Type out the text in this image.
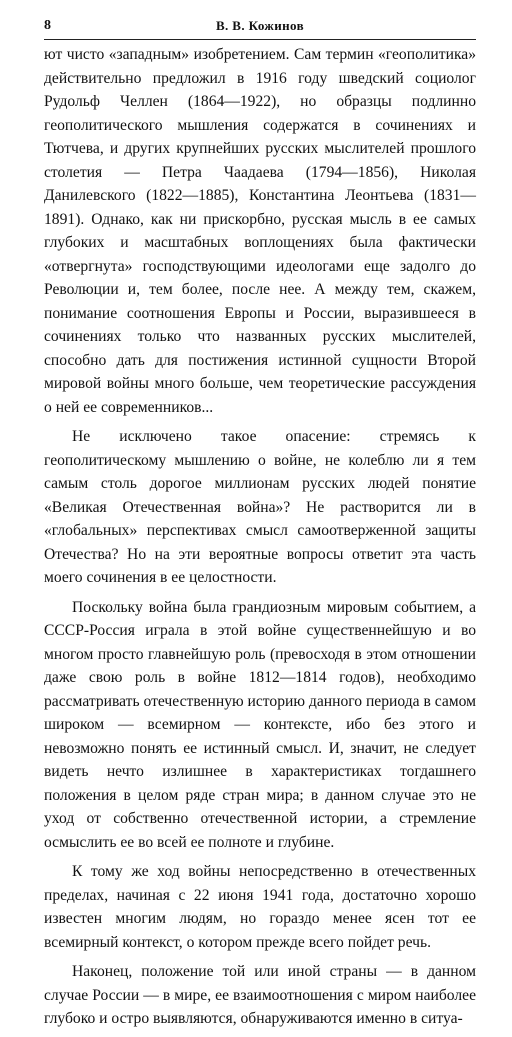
8	В. В. Кожинов

ют чисто «западным» изобретением. Сам термин «геополитика» действительно предложил в 1916 году шведский социолог Рудольф Челлен (1864—1922), но образцы подлинно геополитического мышления содержатся в сочинениях и Тютчева, и других крупнейших русских мыслителей прошлого столетия — Петра Чаадаева (1794—1856), Николая Данилевского (1822—1885), Константина Леонтьева (1831—1891). Однако, как ни прискорбно, русская мысль в ее самых глубоких и масштабных воплощениях была фактически «отвергнута» господствующими идеологами еще задолго до Революции и, тем более, после нее. А между тем, скажем, понимание соотношения Европы и России, выразившееся в сочинениях только что названных русских мыслителей, способно дать для постижения истинной сущности Второй мировой войны много больше, чем теоретические рассуждения о ней ее современников...

Не исключено такое опасение: стремясь к геополитическому мышлению о войне, не колеблю ли я тем самым столь дорогое миллионам русских людей понятие «Великая Отечественная война»? Не растворится ли в «глобальных» перспективах смысл самоотверженной защиты Отечества? Но на эти вероятные вопросы ответит эта часть моего сочинения в ее целостности.

Поскольку война была грандиозным мировым событием, а СССР-Россия играла в этой войне существеннейшую и во многом просто главнейшую роль (превосходя в этом отношении даже свою роль в войне 1812—1814 годов), необходимо рассматривать отечественную историю данного периода в самом широком — всемирном — контексте, ибо без этого и невозможно понять ее истинный смысл. И, значит, не следует видеть нечто излишнее в характеристиках тогдашнего положения в целом ряде стран мира; в данном случае это не уход от собственно отечественной истории, а стремление осмыслить ее во всей ее полноте и глубине.

К тому же ход войны непосредственно в отечественных пределах, начиная с 22 июня 1941 года, достаточно хорошо известен многим людям, но гораздо менее ясен тот ее всемирный контекст, о котором прежде всего пойдет речь.

Наконец, положение той или иной страны — в данном случае России — в мире, ее взаимоотношения с миром наиболее глубоко и остро выявляются, обнаруживаются именно в ситуа-
